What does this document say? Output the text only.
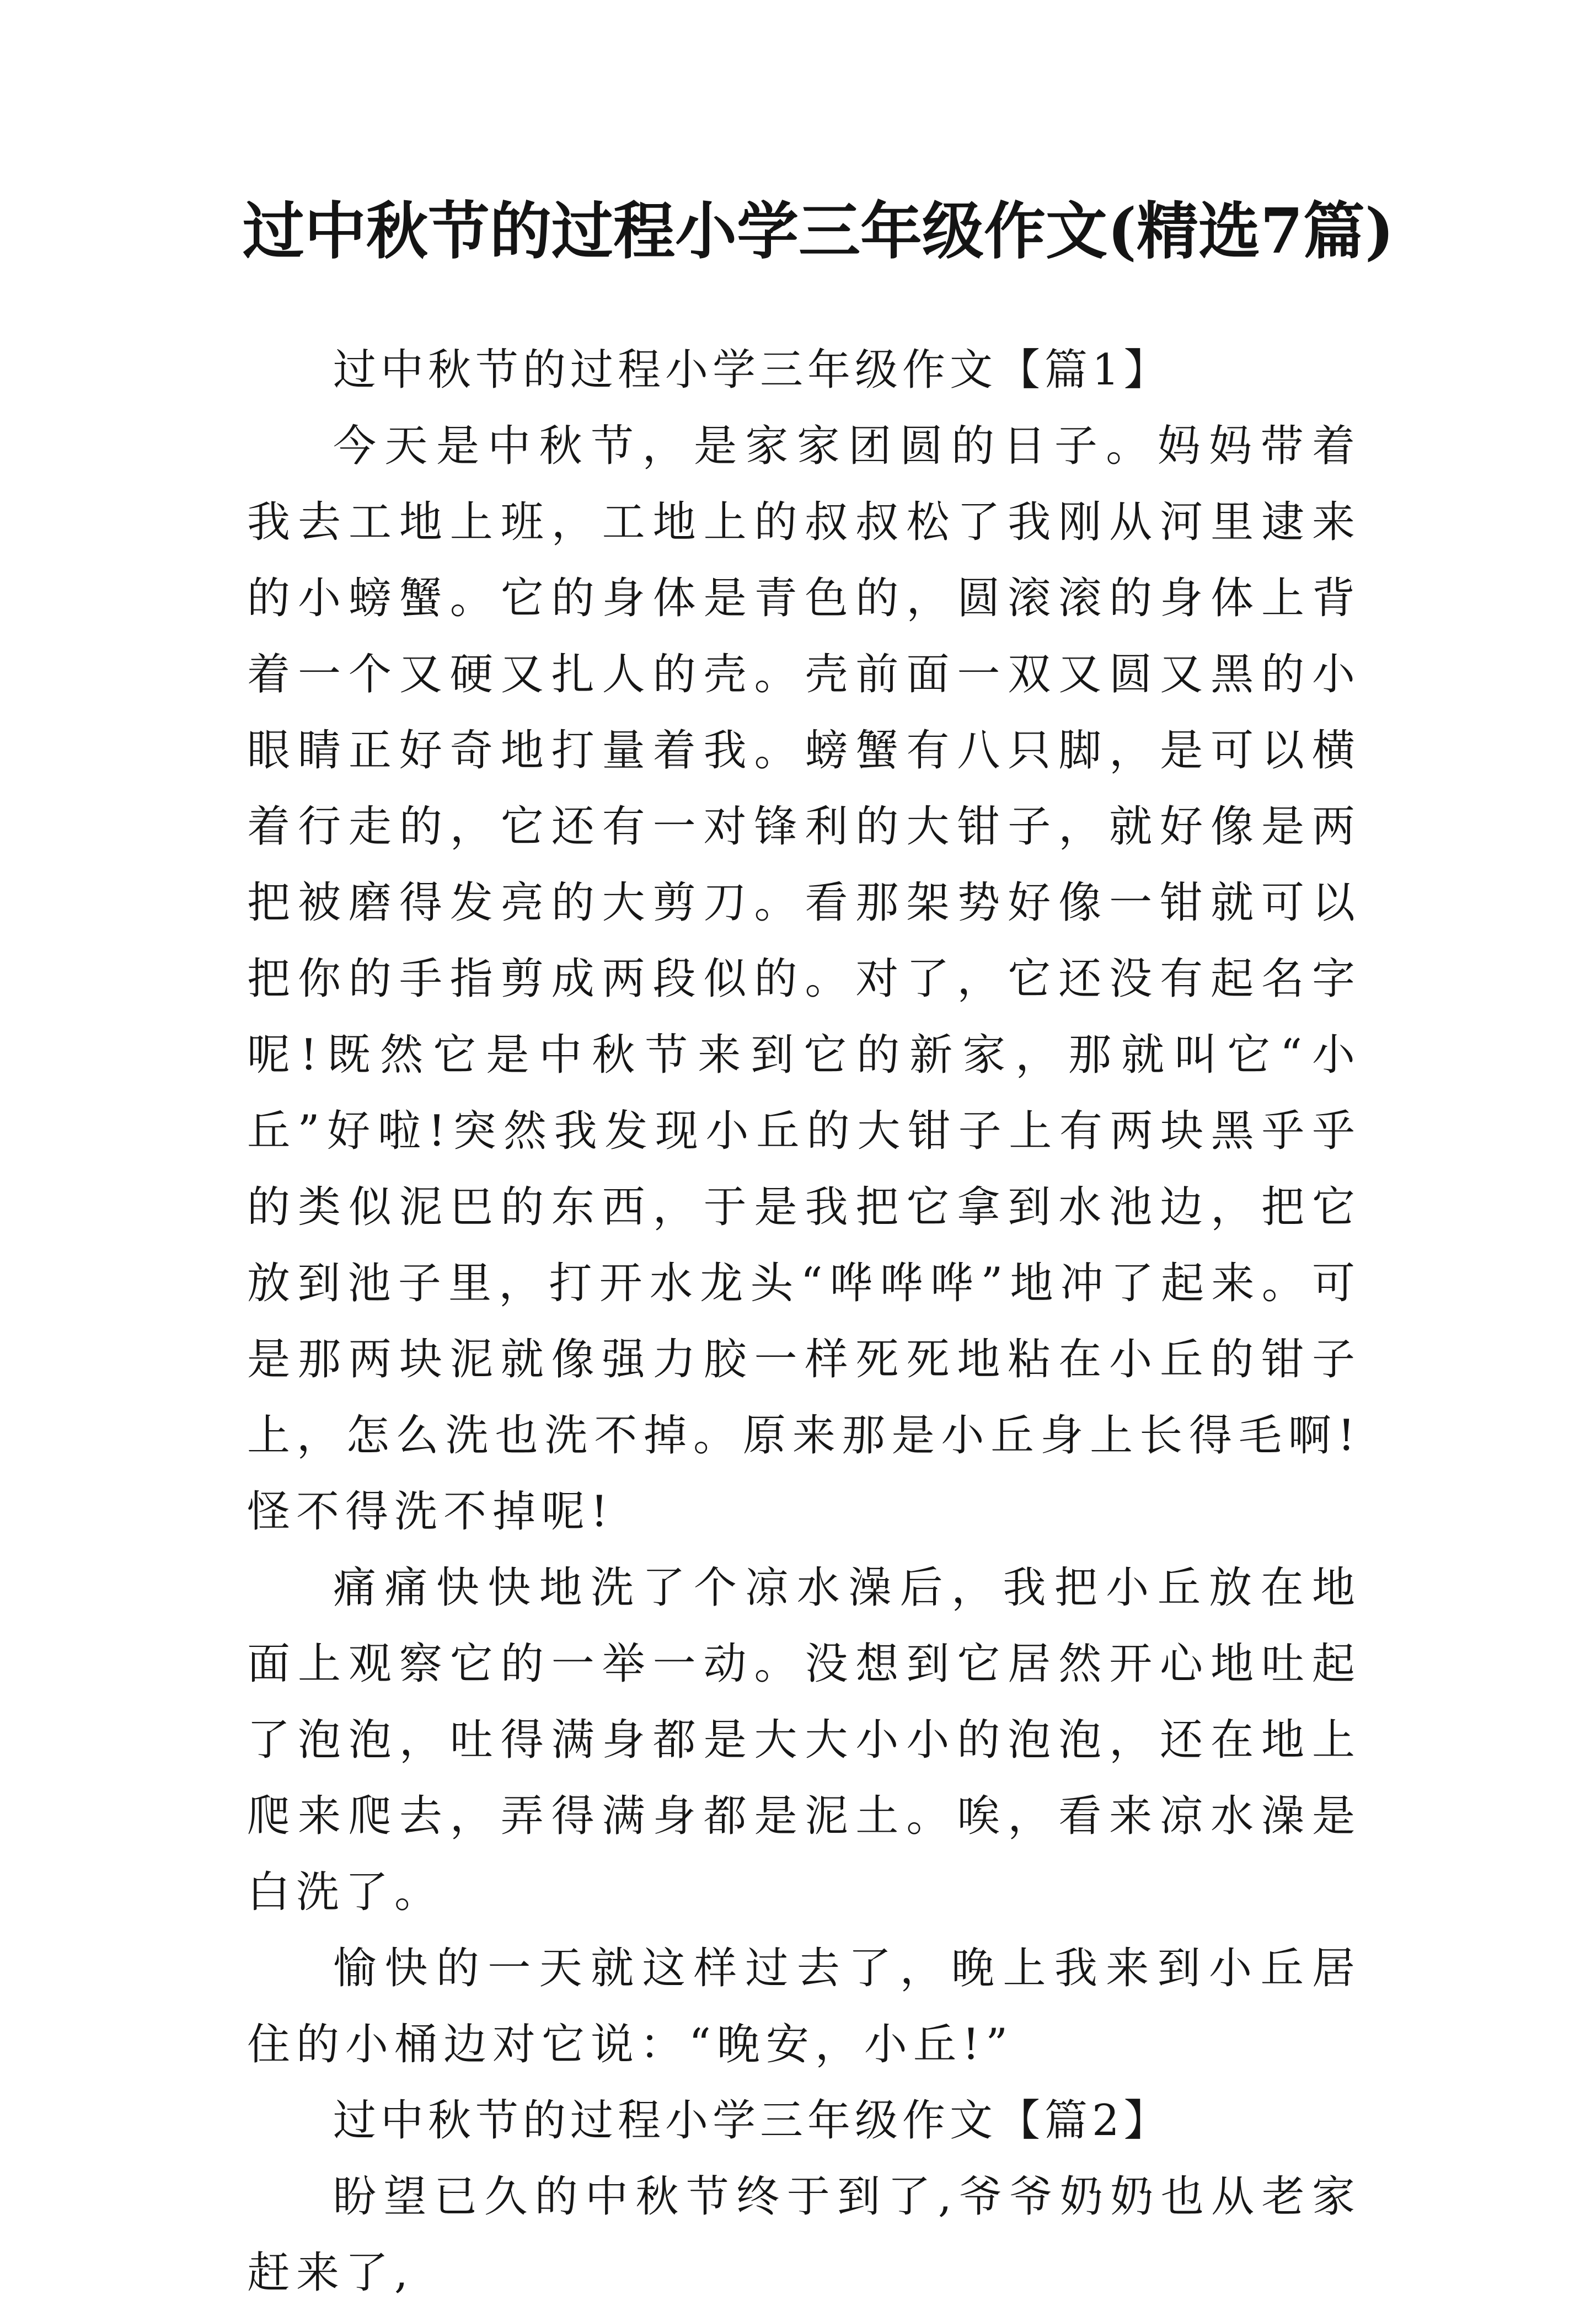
过中秋节的过程小学三年级作文(精选7篇)

过中秋节的过程小学三年级作文【篇1】

今天是中秋节，是家家团圆的日子。妈妈带着我去工地上班，工地上的叔叔松了我刚从河里逮来的小螃蟹。它的身体是青色的，圆滚滚的身体上背着一个又硬又扎人的壳。壳前面一双又圆又黑的小眼睛正好奇地打量着我。螃蟹有八只脚，是可以横着行走的，它还有一对锋利的大钳子，就好像是两把被磨得发亮的大剪刀。看那架势好像一钳就可以把你的手指剪成两段似的。对了，它还没有起名字呢!既然它是中秋节来到它的新家，那就叫它“小丘”好啦!突然我发现小丘的大钳子上有两块黑乎乎的类似泥巴的东西，于是我把它拿到水池边，把它放到池子里，打开水龙头“哗哗哗”地冲了起来。可是那两块泥就像强力胶一样死死地粘在小丘的钳子上，怎么洗也洗不掉。原来那是小丘身上长得毛啊!怪不得洗不掉呢!

痛痛快快地洗了个凉水澡后，我把小丘放在地面上观察它的一举一动。没想到它居然开心地吐起了泡泡，吐得满身都是大大小小的泡泡，还在地上爬来爬去，弄得满身都是泥土。唉，看来凉水澡是白洗了。

愉快的一天就这样过去了，晚上我来到小丘居住的小桶边对它说：“晚安，小丘!”

过中秋节的过程小学三年级作文【篇2】

盼望已久的中秋节终于到了,爷爷奶奶也从老家赶来了,
